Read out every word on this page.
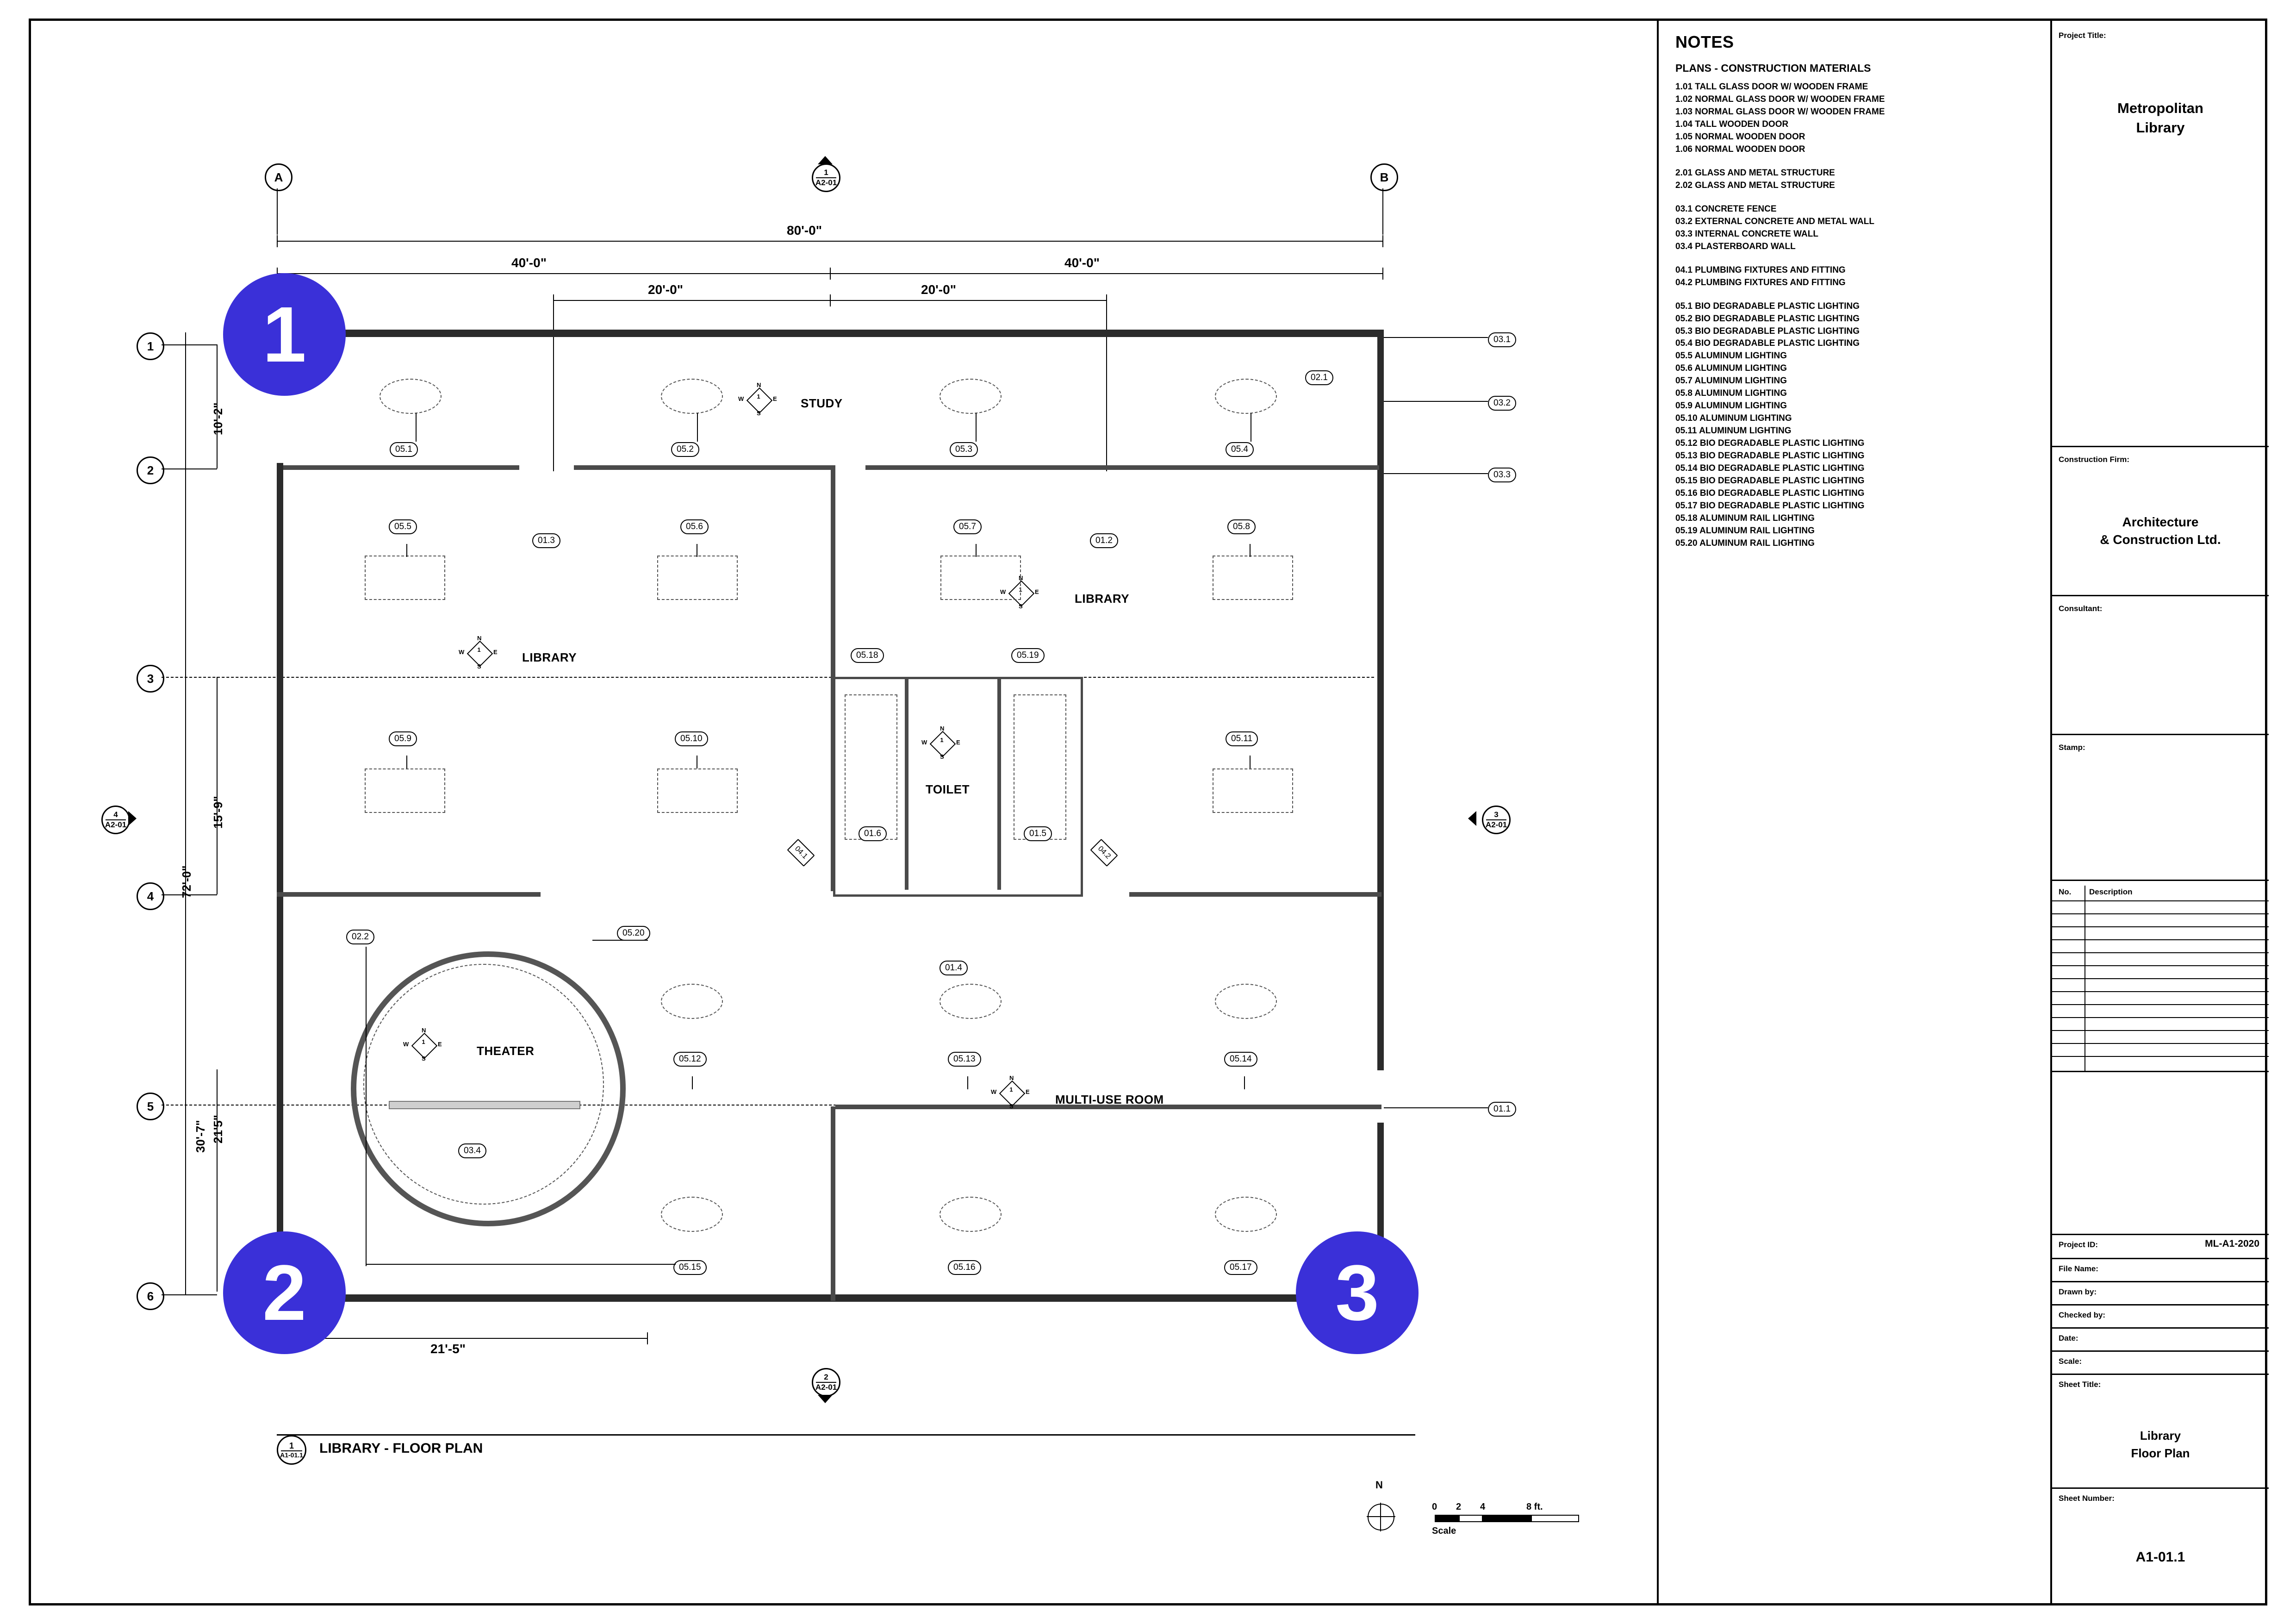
A	B
1
A2-01
2
A2-01
3
A2-01
4
A2-01
1
2
3
4
5
6
80'-0"
40'-0"	40'-0"
20'-0"	20'-0"
72'-0"
10'-2"
15'-9"
21'5"
30'-7"
21'-5"
STUDY
LIBRARY
LIBRARY
TOILET
THEATER
MULTI-USE ROOM
1
N
S
W	E
1
N
S
W	E
1
N
S
W	E
1
N
S
W	E
1
N
S
W	E
1
N
S
W	E
05.1	05.2	05.3	05.4
05.5	05.6	05.7	05.8
05.9	05.10	05.11
05.12	05.13	05.14
05.15	05.16	05.17
05.18	05.19
05.20
01.1
01.2
01.3
01.4
01.5
01.6
02.1
02.2
03.1
03.2
03.3
03.4
04.1	04.2
1
2	3
1
A1-01.1 LIBRARY - FLOOR PLAN
0 2 4	8 ft.
Scale
N
NOTES
PLANS - CONSTRUCTION MATERIALS
1.01 TALL GLASS DOOR W/ WOODEN FRAME
1.02 NORMAL GLASS DOOR W/ WOODEN FRAME
1.03 NORMAL GLASS DOOR W/ WOODEN FRAME
1.04 TALL WOODEN DOOR
1.05 NORMAL WOODEN DOOR
1.06 NORMAL WOODEN DOOR
2.01 GLASS AND METAL STRUCTURE
2.02 GLASS AND METAL STRUCTURE
03.1 CONCRETE FENCE
03.2 EXTERNAL CONCRETE AND METAL WALL
03.3 INTERNAL CONCRETE WALL
03.4 PLASTERBOARD WALL
04.1 PLUMBING FIXTURES AND FITTING
04.2 PLUMBING FIXTURES AND FITTING
05.1 BIO DEGRADABLE PLASTIC LIGHTING
05.2 BIO DEGRADABLE PLASTIC LIGHTING
05.3 BIO DEGRADABLE PLASTIC LIGHTING
05.4 BIO DEGRADABLE PLASTIC LIGHTING
05.5 ALUMINUM LIGHTING
05.6 ALUMINUM LIGHTING
05.7 ALUMINUM LIGHTING
05.8 ALUMINUM LIGHTING
05.9 ALUMINUM LIGHTING
05.10 ALUMINUM LIGHTING
05.11 ALUMINUM LIGHTING
05.12 BIO DEGRADABLE PLASTIC LIGHTING
05.13 BIO DEGRADABLE PLASTIC LIGHTING
05.14 BIO DEGRADABLE PLASTIC LIGHTING
05.15 BIO DEGRADABLE PLASTIC LIGHTING
05.16 BIO DEGRADABLE PLASTIC LIGHTING
05.17 BIO DEGRADABLE PLASTIC LIGHTING
05.18 ALUMINUM RAIL LIGHTING
05.19 ALUMINUM RAIL LIGHTING
05.20 ALUMINUM RAIL LIGHTING
Project Title:
Metropolitan
Library
Construction Firm:
Architecture
& Construction Ltd.
Consultant:
Stamp:
No. Description
Project ID:	ML-A1-2020
File Name:
Drawn by:
Checked by:
Date:
Scale:
Sheet Title:
Library
Floor Plan
Sheet Number:
A1-01.1
